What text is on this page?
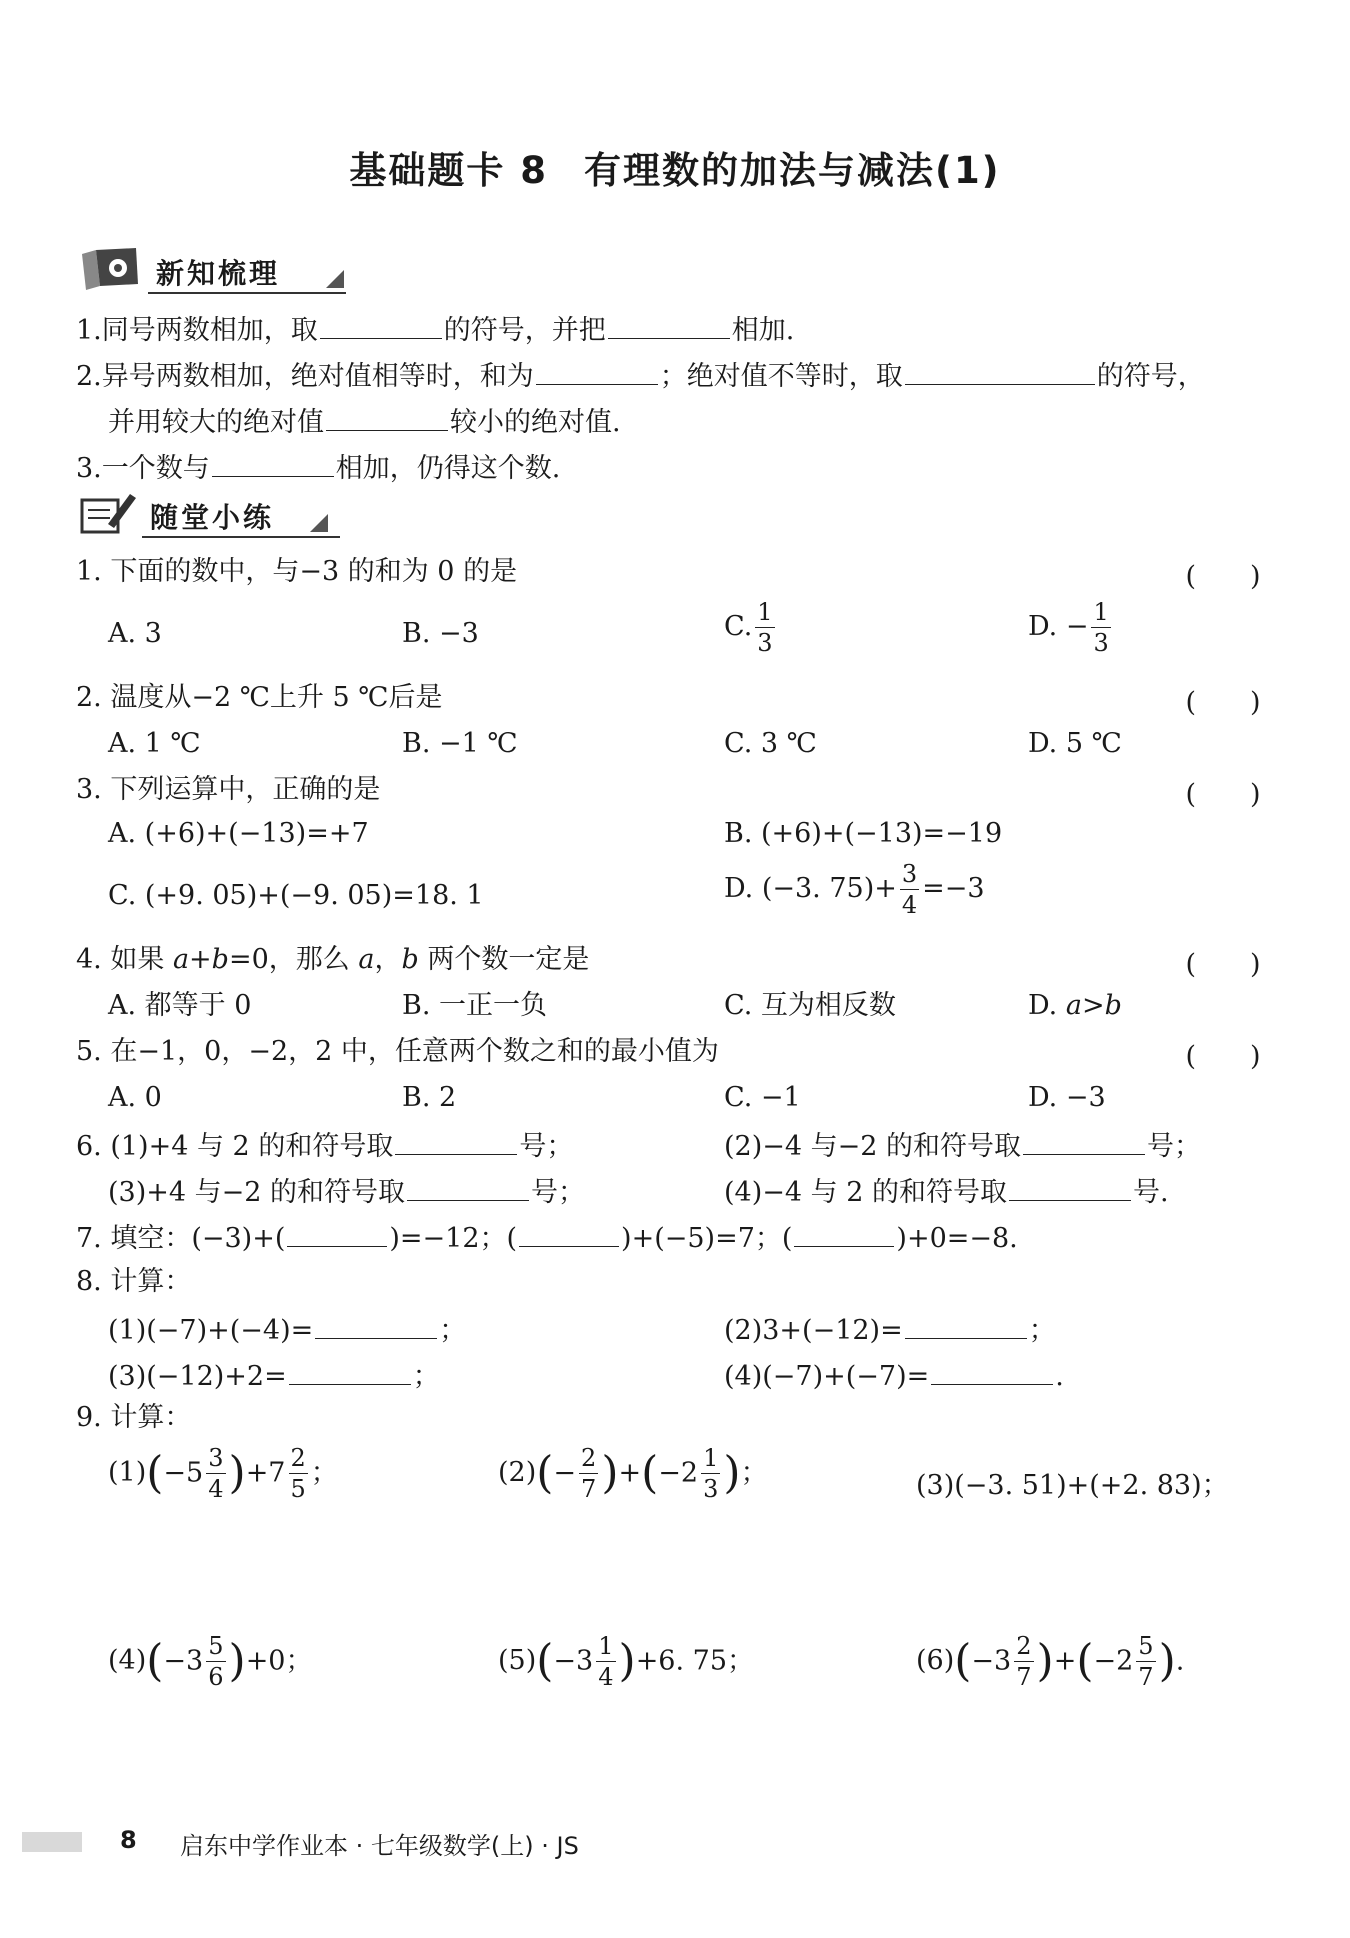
基础题卡 8 有理数的加法与减法(1)
新知梳理
1.同号两数相加，取	的符号，并把	相加.
2.异号两数相加，绝对值相等时，和为	；绝对值不等时，取	的符号，
并用较大的绝对值	较小的绝对值.
3.一个数与	相加，仍得这个数.
随堂小练
1. 下面的数中，与−3 的和为 0 的是	(　　)
A. 3	B. −3	C. $\frac{1}{3}$	D. − $\frac{1}{3}$
2. 温度从−2 ℃上升 5 ℃后是	(　　)
A. 1 ℃	B. −1 ℃	C. 3 ℃	D. 5 ℃
3. 下列运算中，正确的是	(　　)
A. (+6)+(−13)=+7	B. (+6)+(−13)=−19
C. (+9. 05)+(−9. 05)=18. 1	D. (−3. $75)+ \frac{3}{4} =-3$
4. 如果 a+b=0，那么 a，b 两个数一定是	(　　)
A. 都等于 0	B. 一正一负	C. 互为相反数	D. a>b
5. 在−1，0，−2，2 中，任意两个数之和的最小值为	(　　)
A. 0	B. 2	C. −1	D. −3
6. (1)+4 与 2 的和符号取	号；	(2)−4 与−2 的和符号取	号；
(3)+4 与−2 的和符号取	号；	(4)−4 与 2 的和符号取	号.
7. 填空：(−3)+(	)=−12；(	)+(−5)=7；(	)+0=−8.
8. 计算：
(1)(−7)+(−4)=	；	(2)3+(−12)=	；
(3)(−12)+2=	；	(4)(−7)+(−7)=	.
9. 计算：
$(1)(-5 \frac{3}{4} )+7 \frac{2}{5}$ ；	$(2)(- \frac{2}{7} )+(-2 \frac{1}{3}$ )；	(3)(−3. 51)+(+2. 83)；
$(4)(-3 \frac{5}{6} )+0$；	$(5)(-3 \frac{1}{4} )+6$. 75；	$(6)(-3 \frac{2}{7} )+(-2 \frac{5}{7}$ ).
8 启东中学作业本 · 七年级数学(上) · JS
